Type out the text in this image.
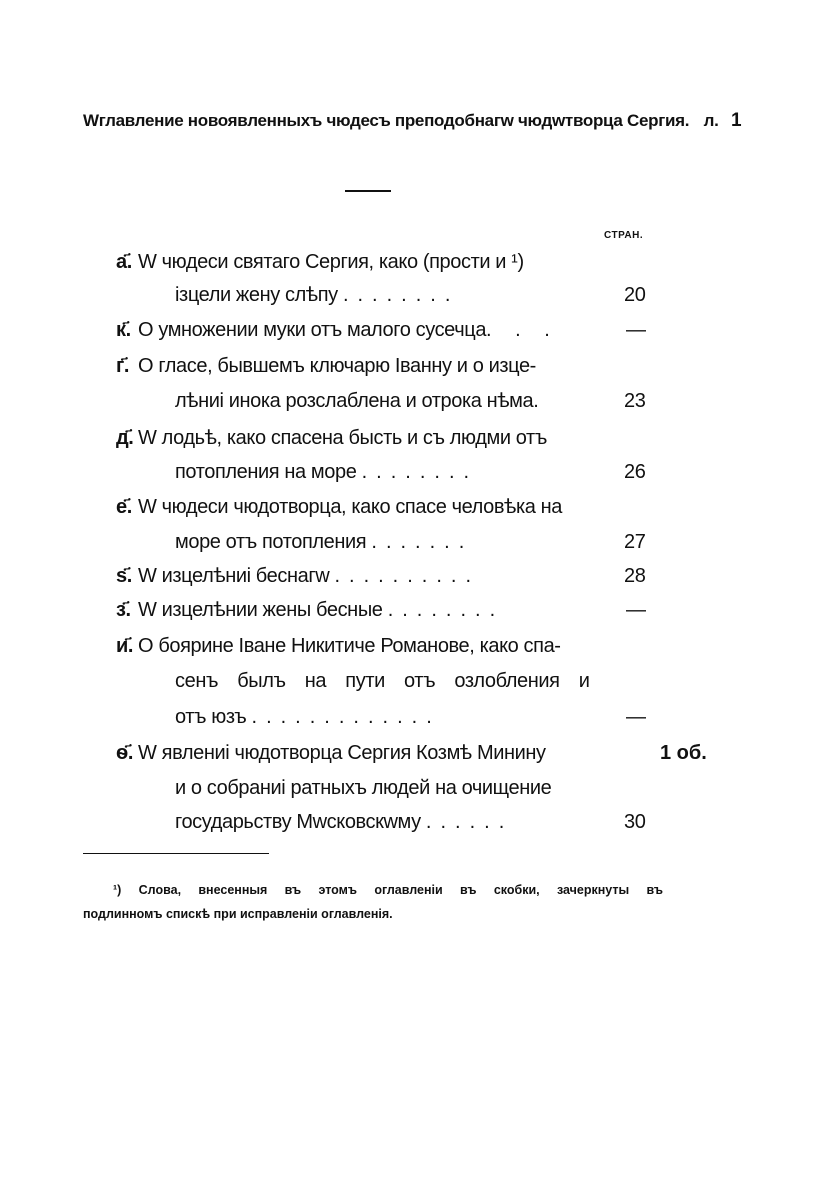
Wглавление новоявленныхъ чюдесъ преподобнагw чюдwтворца Сергия. л. 1
СТРАН.
а҃. W чюдеси святаго Сергия, како (прости и ¹)
ізцели жену слѣпу ........	20
к҃. О умножении муки отъ малого сусечца. . .	—
г҃. О гласе, бывшемъ ключарю Іванну и о изце-
лѣниі инока розслаблена и отрока нѣма.	23
д҃. W лодьѣ, како спасена бысть и съ людми отъ
потопления на море ........	26
е҃. W чюдеси чюдотворца, како спасе человѣка на
море отъ потопления .......	27
ѕ҃. W изцелѣниі беснагw ..........	28
з҃. W изцелѣнии жены бесные ........	—
и҃. О боярине Іване Никитиче Романове, како спа-
сенъ былъ на пути отъ озлобления и
отъ юзъ .............	—
ѳ҃. W явлениі чюдотворца Сергия Козмѣ Минину	1 об.
и о собраниі ратныхъ людей на очищение
государьству Мwсковскwму ......	30
¹) Слова, внесенныя въ этомъ оглавленіи въ скобки, зачеркнуты въ
подлинномъ спискѣ при исправленіи оглавленія.
